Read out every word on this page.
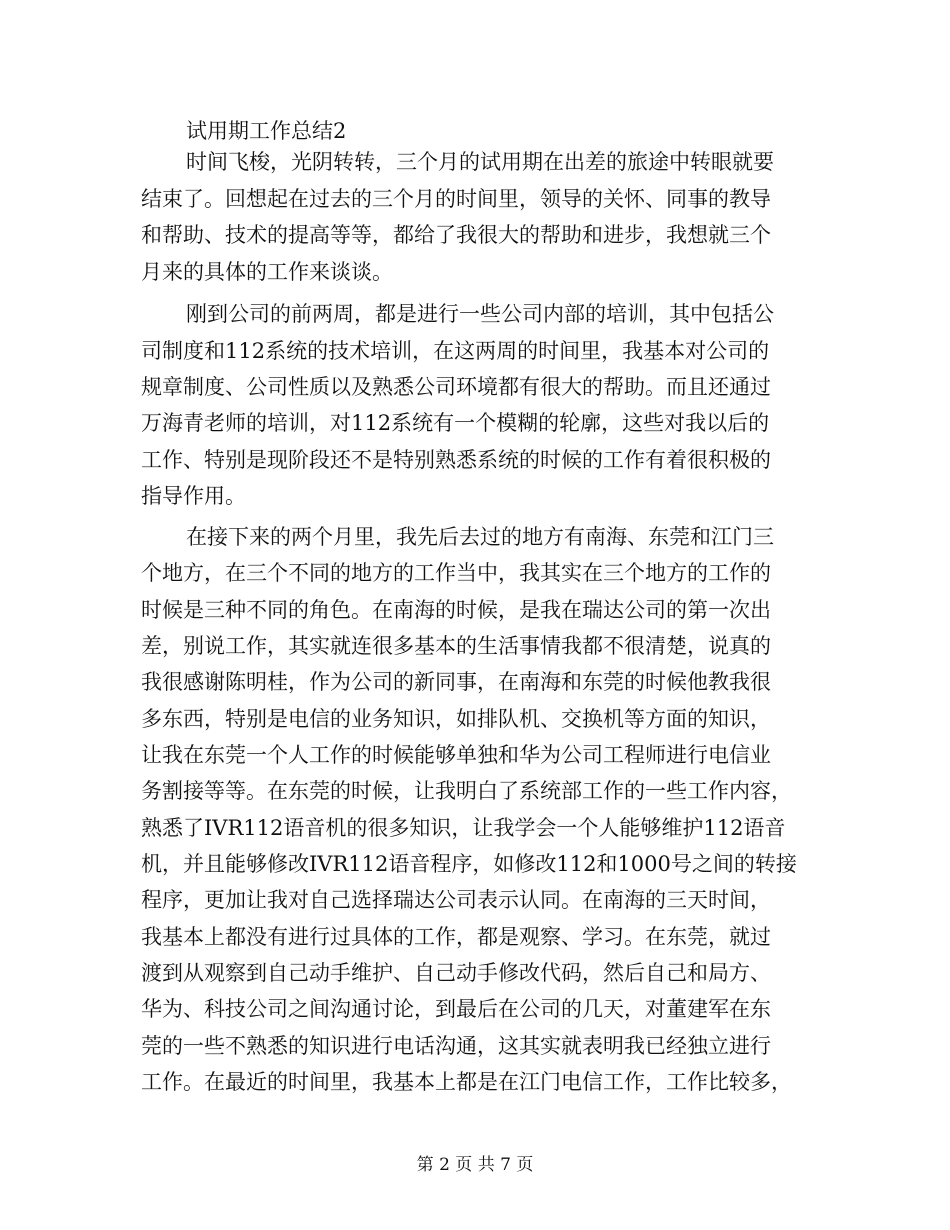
试用期工作总结2
时间飞梭，光阴转转，三个月的试用期在出差的旅途中转眼就要
结束了。回想起在过去的三个月的时间里，领导的关怀、同事的教导
和帮助、技术的提高等等，都给了我很大的帮助和进步，我想就三个
月来的具体的工作来谈谈。
刚到公司的前两周，都是进行一些公司内部的培训，其中包括公
司制度和112系统的技术培训，在这两周的时间里，我基本对公司的
规章制度、公司性质以及熟悉公司环境都有很大的帮助。而且还通过
万海青老师的培训，对112系统有一个模糊的轮廓，这些对我以后的
工作、特别是现阶段还不是特别熟悉系统的时候的工作有着很积极的
指导作用。
在接下来的两个月里，我先后去过的地方有南海、东莞和江门三
个地方，在三个不同的地方的工作当中，我其实在三个地方的工作的
时候是三种不同的角色。在南海的时候，是我在瑞达公司的第一次出
差，别说工作，其实就连很多基本的生活事情我都不很清楚，说真的
我很感谢陈明桂，作为公司的新同事，在南海和东莞的时候他教我很
多东西，特别是电信的业务知识，如排队机、交换机等方面的知识，
让我在东莞一个人工作的时候能够单独和华为公司工程师进行电信业
务割接等等。在东莞的时候，让我明白了系统部工作的一些工作内容，
熟悉了IVR112语音机的很多知识，让我学会一个人能够维护112语音
机，并且能够修改IVR112语音程序，如修改112和1000号之间的转接
程序，更加让我对自己选择瑞达公司表示认同。在南海的三天时间，
我基本上都没有进行过具体的工作，都是观察、学习。在东莞，就过
渡到从观察到自己动手维护、自己动手修改代码，然后自己和局方、
华为、科技公司之间沟通讨论，到最后在公司的几天，对董建军在东
莞的一些不熟悉的知识进行电话沟通，这其实就表明我已经独立进行
工作。在最近的时间里，我基本上都是在江门电信工作，工作比较多，
第 2 页 共 7 页
